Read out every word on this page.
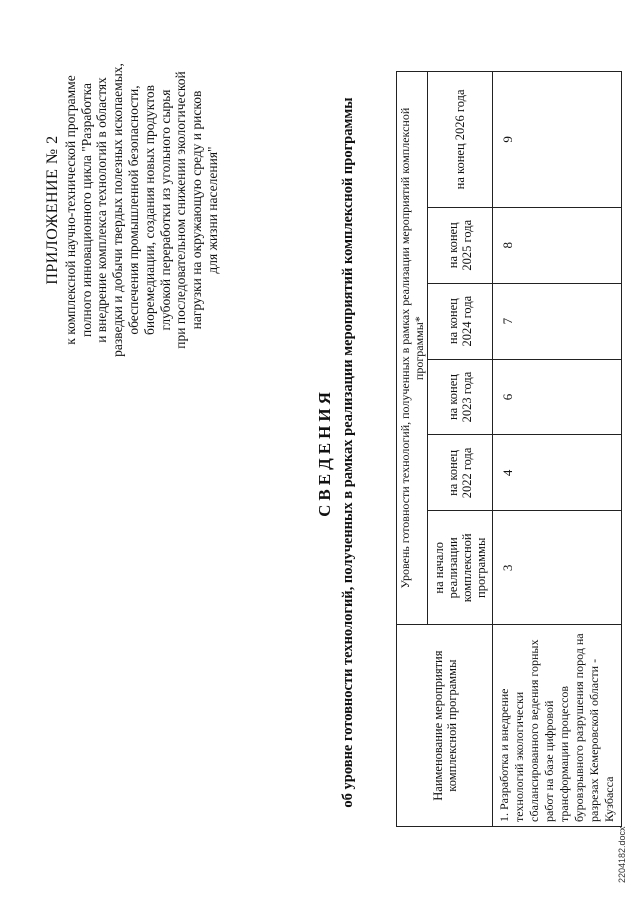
ПРИЛОЖЕНИЕ № 2 к комплексной научно-технической программе полного инновационного цикла "Разработка и внедрение комплекса технологий в областях разведки и добычи твердых полезных ископаемых, обеспечения промышленной безопасности, биоремедиации, создания новых продуктов глубокой переработки из угольного сырья при последовательном снижении экологической нагрузки на окружающую среду и рисков для жизни населения"
СВЕДЕНИЯ об уровне готовности технологий, полученных в рамках реализации мероприятий комплексной программы	Наименование мероприятия комплексной программы	Уровень готовности технологий, полученных в рамках реализации мероприятий комплексной программы*					
	на начало реализации комплексной программы	на конец 2022 года	на конец 2023 года	на конец 2024 года	на конец 2025 года	на конец 2026 года
1. Разработка и внедрение технологий экологически сбалансированного ведения горных работ на базе цифровой трансформации процессов буровзрывного разрушения пород на разрезах Кемеровской области - Кузбасса	3	4	6	7	8	9
2204182.docx
